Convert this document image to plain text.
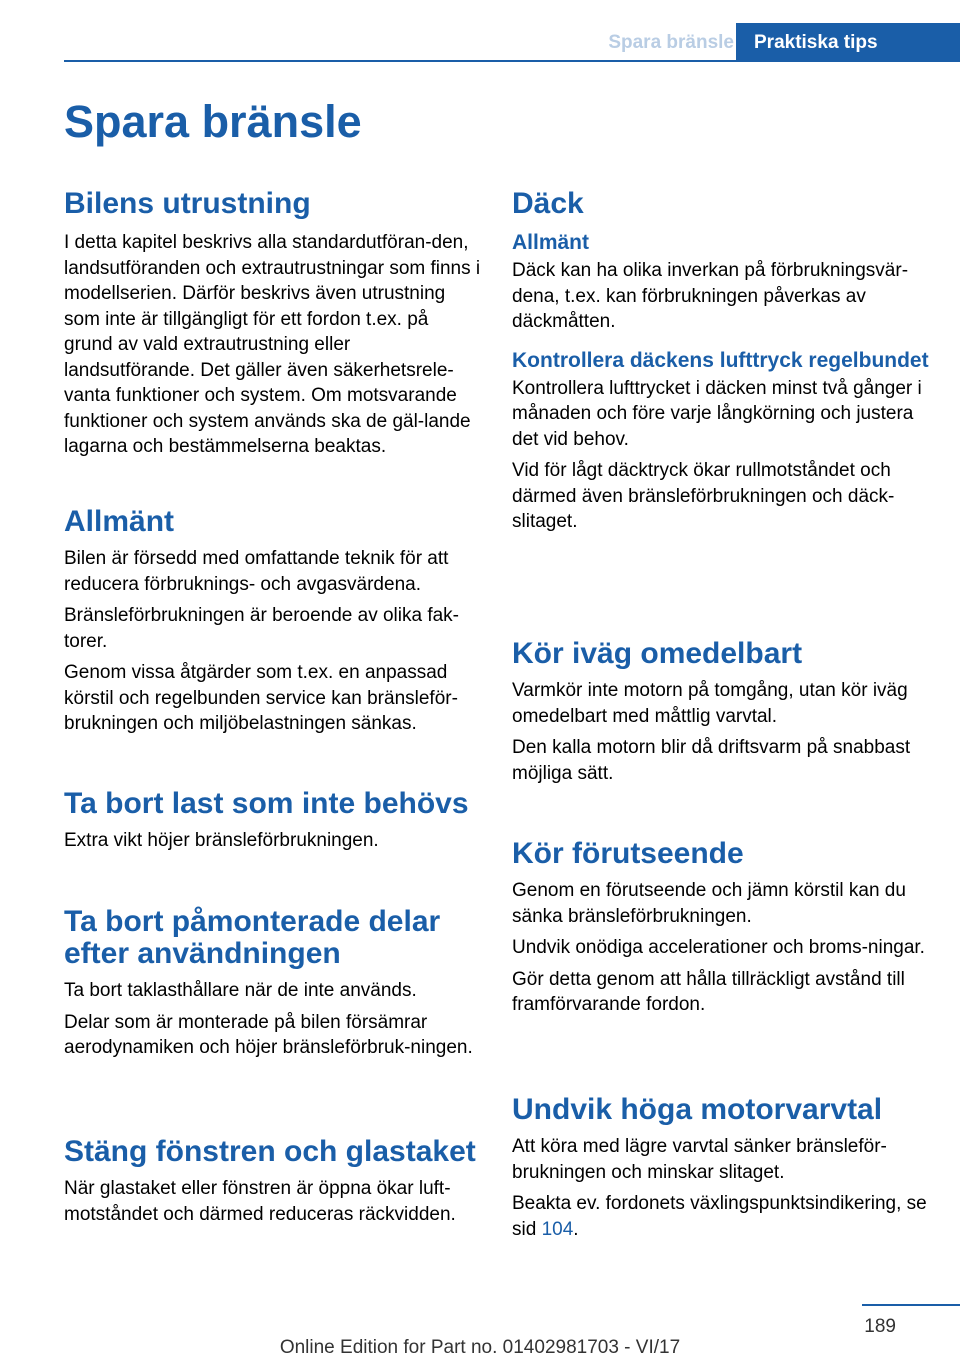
Spara bränsle	Praktiska tips
Spara bränsle
Bilens utrustning

I detta kapitel beskrivs alla standardutföran-den, landsutföranden och extrautrustningar som finns i modellserien. Därför beskrivs även utrustning som inte är tillgängligt för ett fordon t.ex. på grund av vald extrautrustning eller landsutförande. Det gäller även säkerhetsrele-vanta funktioner och system. Om motsvarande funktioner och system används ska de gäl-lande lagarna och bestämmelserna beaktas.

Allmänt

Bilen är försedd med omfattande teknik för att reducera förbruknings- och avgasvärdena.

Bränsleförbrukningen är beroende av olika fak-torer.

Genom vissa åtgärder som t.ex. en anpassad körstil och regelbunden service kan bränsleför-brukningen och miljöbelastningen sänkas.

Ta bort last som inte behövs

Extra vikt höjer bränsleförbrukningen.

Ta bort påmonterade delar efter användningen

Ta bort taklasthållare när de inte används.

Delar som är monterade på bilen försämrar aerodynamiken och höjer bränsleförbruk-ningen.

Stäng fönstren och glastaket

När glastaket eller fönstren är öppna ökar luft-motståndet och därmed reduceras räckvidden.

Däck
Allmänt

Däck kan ha olika inverkan på förbrukningsvär-dena, t.ex. kan förbrukningen påverkas av däckmåtten.

Kontrollera däckens lufttryck regelbundet

Kontrollera lufttrycket i däcken minst två gånger i månaden och före varje långkörning och justera det vid behov.

Vid för lågt däcktryck ökar rullmotståndet och därmed även bränsleförbrukningen och däck-slitaget.

Kör iväg omedelbart

Varmkör inte motorn på tomgång, utan kör iväg omedelbart med måttlig varvtal.

Den kalla motorn blir då driftsvarm på snabbast möjliga sätt.

Kör förutseende

Genom en förutseende och jämn körstil kan du sänka bränsleförbrukningen.

Undvik onödiga accelerationer och broms-ningar.

Gör detta genom att hålla tillräckligt avstånd till framförvarande fordon.

Undvik höga motorvarvtal

Att köra med lägre varvtal sänker bränsleför-brukningen och minskar slitaget.

Beakta ev. fordonets växlingspunktsindikering, se sid 104.

189
Online Edition for Part no. 01402981703 - VI/17
